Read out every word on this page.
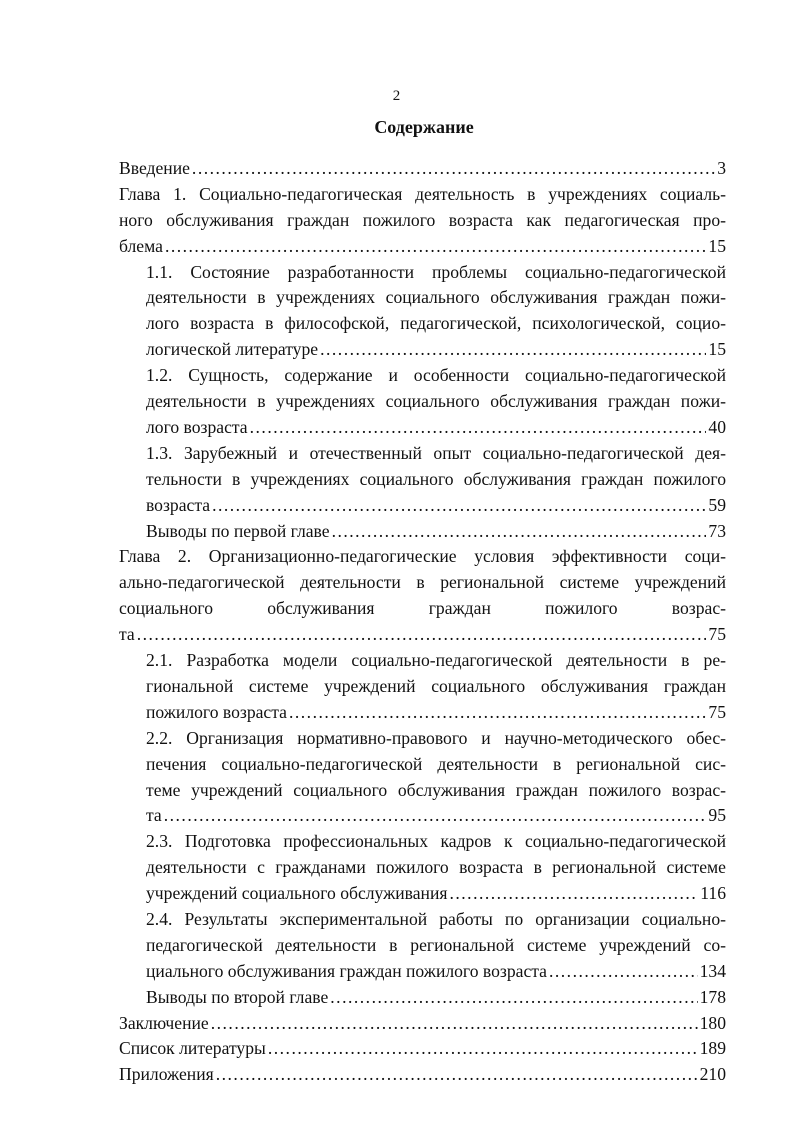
2
Содержание
Введение .....	3
Глава 1. Социально-педагогическая деятельность в учреждениях социаль-
ного обслуживания граждан пожилого возраста как педагогическая про-
блема .....	15
1.1. Состояние разработанности проблемы социально-педагогической
деятельности в учреждениях социального обслуживания граждан пожи-
лого возраста в философской, педагогической, психологической, социо-
логической литературе .....	15
1.2. Сущность, содержание и особенности социально-педагогической
деятельности в учреждениях социального обслуживания граждан пожи-
лого возраста .....	40
1.3. Зарубежный и отечественный опыт социально-педагогической дея-
тельности в учреждениях социального обслуживания граждан пожилого
возраста .....	59
Выводы по первой главе .....	73
Глава 2. Организационно-педагогические условия эффективности соци-
ально-педагогической деятельности в региональной системе учреждений
социального обслуживания граждан пожилого возрас-
та .....	75
2.1. Разработка модели социально-педагогической деятельности в ре-
гиональной системе учреждений социального обслуживания граждан
пожилого возраста .....	75
2.2. Организация нормативно-правового и научно-методического обес-
печения социально-педагогической деятельности в региональной сис-
теме учреждений социального обслуживания граждан пожилого возрас-
та .....	95
2.3. Подготовка профессиональных кадров к социально-педагогической
деятельности с гражданами пожилого возраста в региональной системе
учреждений социального обслуживания .....	116
2.4. Результаты экспериментальной работы по организации социально-
педагогической деятельности в региональной системе учреждений со-
циального обслуживания граждан пожилого возраста .....	134
Выводы по второй главе .....	178
Заключение .....	180
Список литературы .....	189
Приложения .....	210
